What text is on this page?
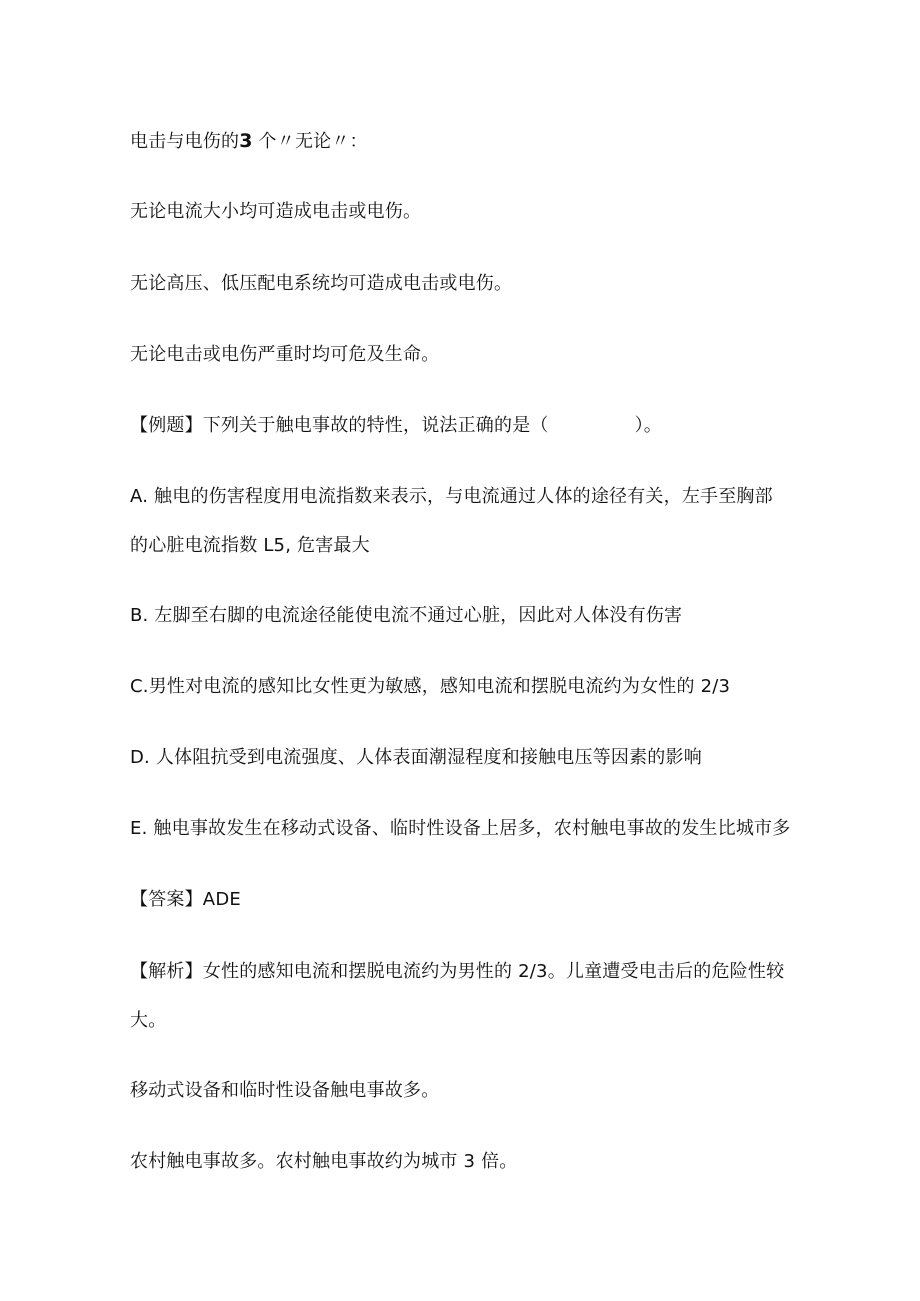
电击与电伤的3 个〃无论〃：
无论电流大小均可造成电击或电伤。
无论高压、低压配电系统均可造成电击或电伤。
无论电击或电伤严重时均可危及生命。
【例题】下列关于触电事故的特性，说法正确的是（	）。
A. 触电的伤害程度用电流指数来表示，与电流通过人体的途径有关，左手至胸部
的心脏电流指数 L5, 危害最大
B. 左脚至右脚的电流途径能使电流不通过心脏，因此对人体没有伤害
C.男性对电流的感知比女性更为敏感，感知电流和摆脱电流约为女性的 2/3
D. 人体阻抗受到电流强度、人体表面潮湿程度和接触电压等因素的影响
E. 触电事故发生在移动式设备、临时性设备上居多，农村触电事故的发生比城市多
【答案】ADE
【解析】女性的感知电流和摆脱电流约为男性的 2/3。儿童遭受电击后的危险性较
大。
移动式设备和临时性设备触电事故多。
农村触电事故多。农村触电事故约为城市 3 倍。
